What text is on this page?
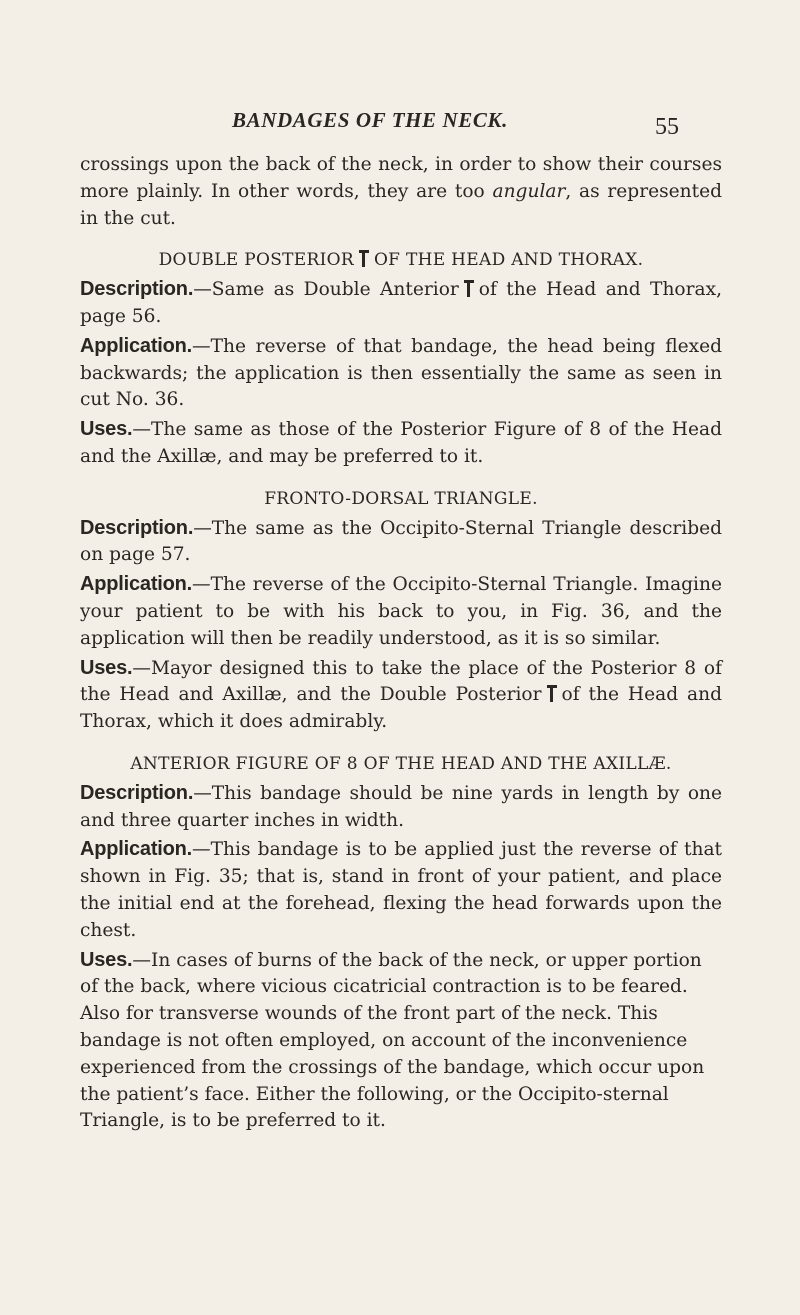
BANDAGES OF THE NECK.	55

crossings upon the back of the neck, in order to show their courses more plainly. In other words, they are too angular, as represented in the cut.

DOUBLE POSTERIOR OF THE HEAD AND THORAX.

Description.—Same as Double Anterior of the Head and Thorax, page 56.

Application.—The reverse of that bandage, the head being flexed backwards; the application is then essentially the same as seen in cut No. 36.

Uses.—The same as those of the Posterior Figure of 8 of the Head and the Axillæ, and may be preferred to it.

FRONTO-DORSAL TRIANGLE.

Description.—The same as the Occipito-Sternal Triangle described on page 57.

Application.—The reverse of the Occipito-Sternal Triangle. Imagine your patient to be with his back to you, in Fig. 36, and the application will then be readily understood, as it is so similar.

Uses.—Mayor designed this to take the place of the Posterior 8 of the Head and Axillæ, and the Double Posterior of the Head and Thorax, which it does admirably.

ANTERIOR FIGURE OF 8 OF THE HEAD AND THE AXILLÆ.

Description.—This bandage should be nine yards in length by one and three quarter inches in width.

Application.—This bandage is to be applied just the reverse of that shown in Fig. 35; that is, stand in front of your patient, and place the initial end at the forehead, flexing the head forwards upon the chest.

Uses.—In cases of burns of the back of the neck, or upper portion of the back, where vicious cicatricial contraction is to be feared. Also for transverse wounds of the front part of the neck. This bandage is not often employed, on account of the inconvenience experienced from the crossings of the bandage, which occur upon the patient’s face. Either the following, or the Occipito-sternal Triangle, is to be preferred to it.
